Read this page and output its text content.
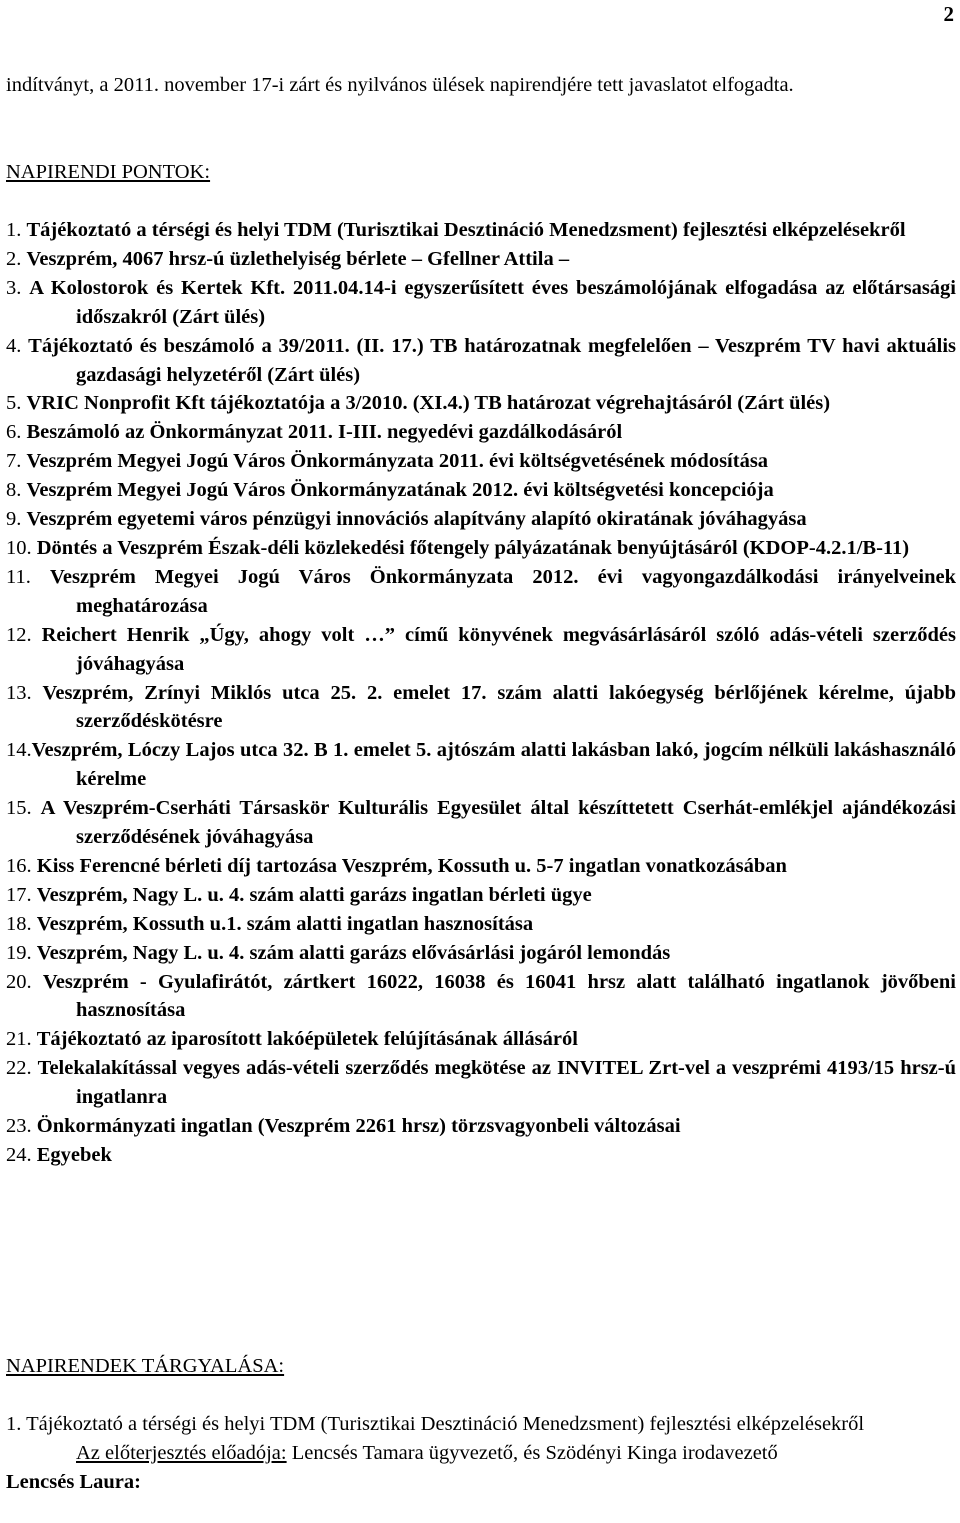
2
indítványt, a 2011. november 17-i zárt és nyilvános ülések napirendjére tett javaslatot elfogadta.
NAPIRENDI PONTOK:
1. Tájékoztató a térségi és helyi TDM (Turisztikai Desztináció Menedzsment) fejlesztési elképzelésekről
2. Veszprém, 4067 hrsz-ú üzlethelyiség bérlete – Gfellner Attila –
3. A Kolostorok és Kertek Kft. 2011.04.14-i egyszerűsített éves beszámolójának elfogadása az előtársasági időszakról (Zárt ülés)
4. Tájékoztató és beszámoló a 39/2011. (II. 17.) TB határozatnak megfelelően – Veszprém TV havi aktuális gazdasági helyzetéről (Zárt ülés)
5. VRIC Nonprofit Kft tájékoztatója a 3/2010. (XI.4.) TB határozat végrehajtásáról (Zárt ülés)
6. Beszámoló az Önkormányzat 2011. I-III. negyedévi gazdálkodásáról
7. Veszprém Megyei Jogú Város Önkormányzata 2011. évi költségvetésének módosítása
8. Veszprém Megyei Jogú Város Önkormányzatának 2012. évi költségvetési koncepciója
9. Veszprém egyetemi város pénzügyi innovációs alapítvány alapító okiratának jóváhagyása
10. Döntés a Veszprém Észak-déli közlekedési főtengely pályázatának benyújtásáról (KDOP-4.2.1/B-11)
11. Veszprém Megyei Jogú Város Önkormányzata 2012. évi vagyongazdálkodási irányelveinek meghatározása
12. Reichert Henrik „Úgy, ahogy volt …” című könyvének megvásárlásáról szóló adás-vételi szerződés jóváhagyása
13. Veszprém, Zrínyi Miklós utca 25. 2. emelet 17. szám alatti lakóegység bérlőjének kérelme, újabb szerződéskötésre
14.Veszprém, Lóczy Lajos utca 32. B 1. emelet 5. ajtószám alatti lakásban lakó, jogcím nélküli lakáshasználó kérelme
15. A Veszprém-Cserháti Társaskör Kulturális Egyesület által készíttetett Cserhát-emlékjel ajándékozási szerződésének jóváhagyása
16. Kiss Ferencné bérleti díj tartozása Veszprém, Kossuth u. 5-7 ingatlan vonatkozásában
17. Veszprém, Nagy L. u. 4. szám alatti garázs ingatlan bérleti ügye
18. Veszprém, Kossuth u.1. szám alatti ingatlan hasznosítása
19. Veszprém, Nagy L. u. 4. szám alatti garázs elővásárlási jogáról lemondás
20. Veszprém - Gyulafirátót, zártkert 16022, 16038 és 16041 hrsz alatt található ingatlanok jövőbeni hasznosítása
21. Tájékoztató az iparosított lakóépületek felújításának állásáról
22. Telekalakítással vegyes adás-vételi szerződés megkötése az INVITEL Zrt-vel a veszprémi 4193/15 hrsz-ú ingatlanra
23. Önkormányzati ingatlan (Veszprém 2261 hrsz) törzsvagyonbeli változásai
24. Egyebek
NAPIRENDEK TÁRGYALÁSA:
1. Tájékoztató a térségi és helyi TDM (Turisztikai Desztináció Menedzsment) fejlesztési elképzelésekről
Az előterjesztés előadója: Lencsés Tamara ügyvezető, és Szödényi Kinga irodavezető
Lencsés Laura:
